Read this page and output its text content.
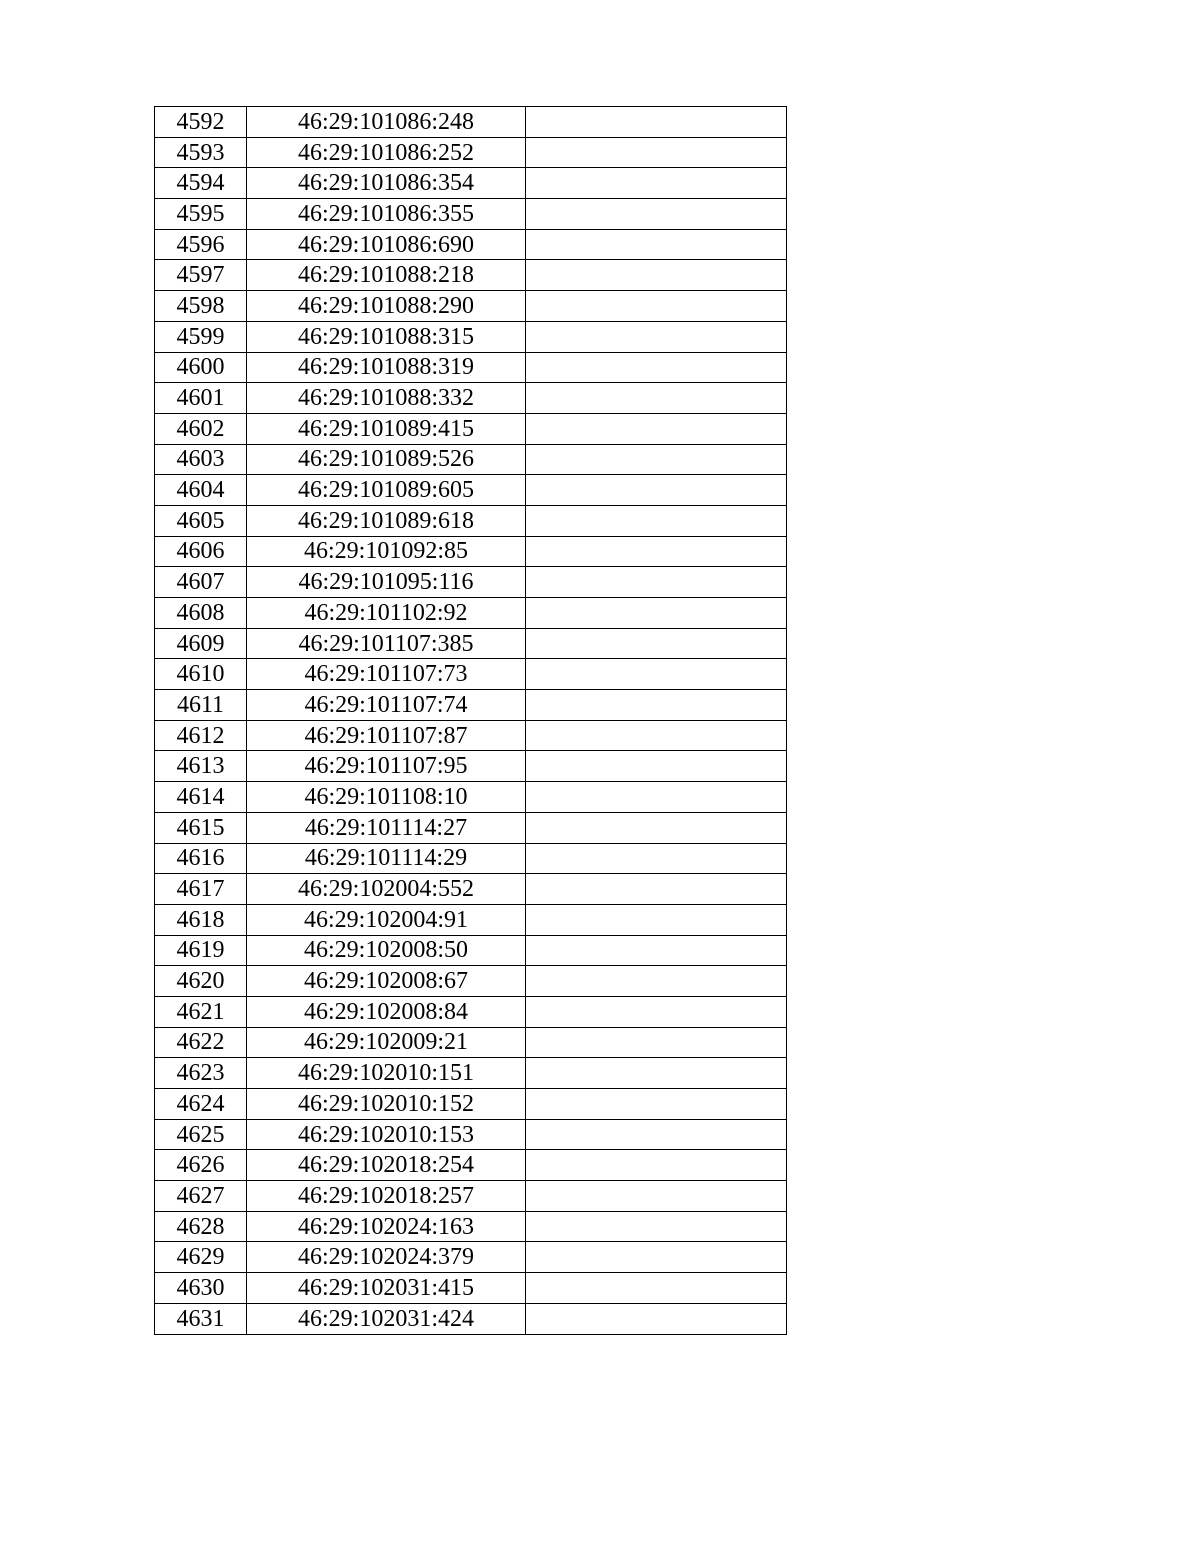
4592	46:29:101086:248	
4593	46:29:101086:252	
4594	46:29:101086:354	
4595	46:29:101086:355	
4596	46:29:101086:690	
4597	46:29:101088:218	
4598	46:29:101088:290	
4599	46:29:101088:315	
4600	46:29:101088:319	
4601	46:29:101088:332	
4602	46:29:101089:415	
4603	46:29:101089:526	
4604	46:29:101089:605	
4605	46:29:101089:618	
4606	46:29:101092:85	
4607	46:29:101095:116	
4608	46:29:101102:92	
4609	46:29:101107:385	
4610	46:29:101107:73	
4611	46:29:101107:74	
4612	46:29:101107:87	
4613	46:29:101107:95	
4614	46:29:101108:10	
4615	46:29:101114:27	
4616	46:29:101114:29	
4617	46:29:102004:552	
4618	46:29:102004:91	
4619	46:29:102008:50	
4620	46:29:102008:67	
4621	46:29:102008:84	
4622	46:29:102009:21	
4623	46:29:102010:151	
4624	46:29:102010:152	
4625	46:29:102010:153	
4626	46:29:102018:254	
4627	46:29:102018:257	
4628	46:29:102024:163	
4629	46:29:102024:379	
4630	46:29:102031:415	
4631	46:29:102031:424	
